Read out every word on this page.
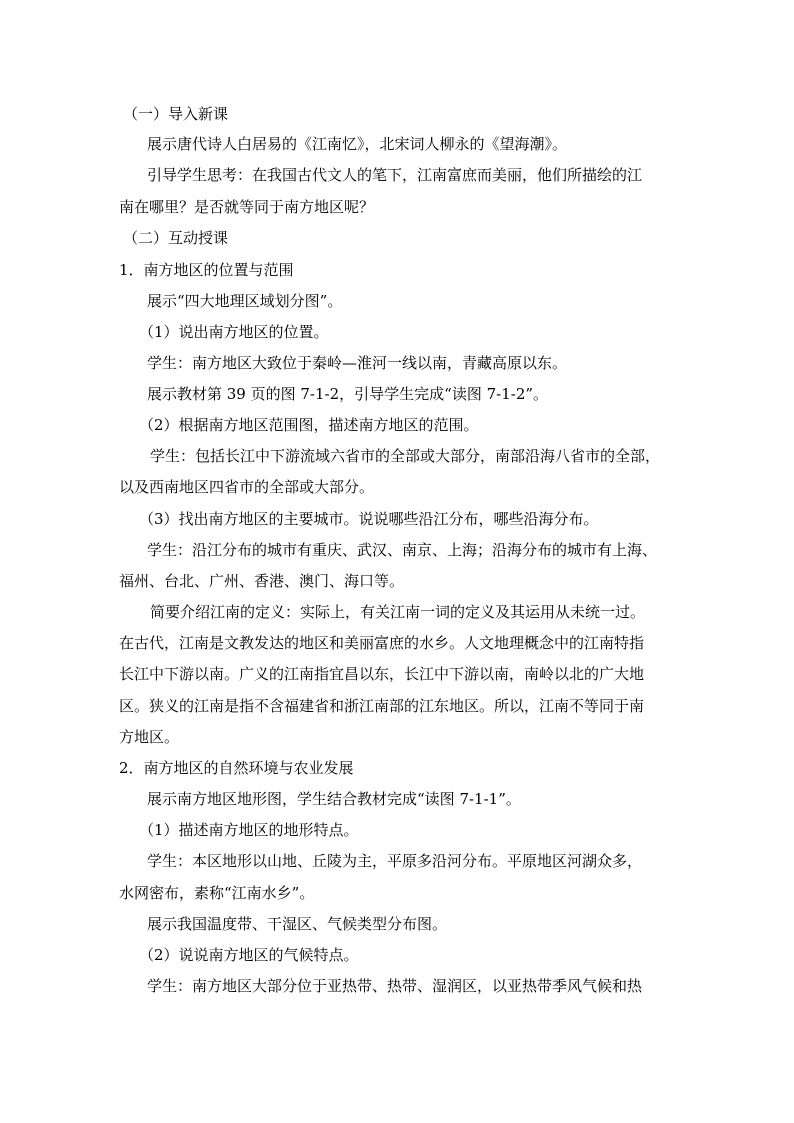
（一）导入新课
展示唐代诗人白居易的《江南忆》，北宋词人柳永的《望海潮》。
引导学生思考：在我国古代文人的笔下，江南富庶而美丽，他们所描绘的江
南在哪里？是否就等同于南方地区呢？
（二）互动授课
1．南方地区的位置与范围
展示“四大地理区域划分图”。
（1）说出南方地区的位置。
学生：南方地区大致位于秦岭—淮河一线以南，青藏高原以东。
展示教材第 39 页的图 7-1-2，引导学生完成“读图 7-1-2”。
（2）根据南方地区范围图，描述南方地区的范围。
学生：包括长江中下游流域六省市的全部或大部分，南部沿海八省市的全部，
以及西南地区四省市的全部或大部分。
（3）找出南方地区的主要城市。说说哪些沿江分布，哪些沿海分布。
学生：沿江分布的城市有重庆、武汉、南京、上海；沿海分布的城市有上海、
福州、台北、广州、香港、澳门、海口等。
简要介绍江南的定义：实际上，有关江南一词的定义及其运用从未统一过。
在古代，江南是文教发达的地区和美丽富庶的水乡。人文地理概念中的江南特指
长江中下游以南。广义的江南指宜昌以东，长江中下游以南，南岭以北的广大地
区。狭义的江南是指不含福建省和浙江南部的江东地区。所以，江南不等同于南
方地区。
2．南方地区的自然环境与农业发展
展示南方地区地形图，学生结合教材完成“读图 7-1-1”。
（1）描述南方地区的地形特点。
学生：本区地形以山地、丘陵为主，平原多沿河分布。平原地区河湖众多，
水网密布，素称“江南水乡”。
展示我国温度带、干湿区、气候类型分布图。
（2）说说南方地区的气候特点。
学生：南方地区大部分位于亚热带、热带、湿润区，以亚热带季风气候和热
